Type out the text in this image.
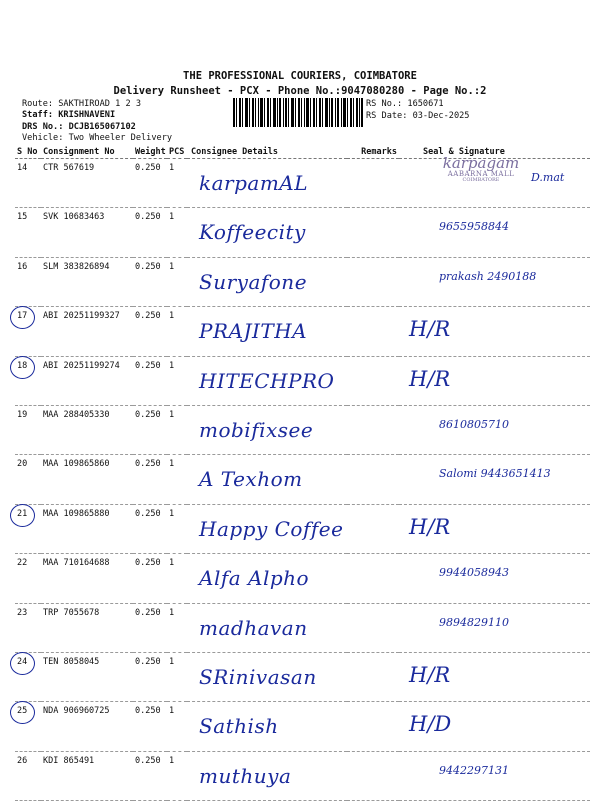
THE PROFESSIONAL COURIERS, COIMBATORE
Delivery Runsheet - PCX - Phone No.:9047080280 - Page No.:2
Route: SAKTHIROAD 1 2 3
Staff: KRISHNAVENI
DRS No.: DCJB165067102
Vehicle: Two Wheeler Delivery
RS No.: 1650671
RS Date: 03-Dec-2025
S No	Consignment No	Weight	PCS	Consignee Details	Remarks	Seal & Signature
14	CTR 567619	0.250	1	karpamAL		D.mat
karpagam
AABARNA MALL
COIMBATORE

15	SVK 10683463	0.250	1	Koffeecity		9655958844

16	SLM 383826894	0.250	1	Suryafone		prakash 2490188

17	ABI 20251199327	0.250	1	PRAJITHA		H/R

18	ABI 20251199274	0.250	1	HITECHPRO		H/R

19	MAA 288405330	0.250	1	mobifixsee		8610805710

20	MAA 109865860	0.250	1	A Texhom		Salomi 9443651413

21	MAA 109865880	0.250	1	Happy Coffee		H/R

22	MAA 710164688	0.250	1	Alfa Alpho		9944058943

23	TRP 7055678	0.250	1	madhavan		9894829110

24	TEN 8058045	0.250	1	SRinivasan		H/R

25	NDA 906960725	0.250	1	Sathish		H/D

26	KDI 865491	0.250	1	muthuya		9442297131
